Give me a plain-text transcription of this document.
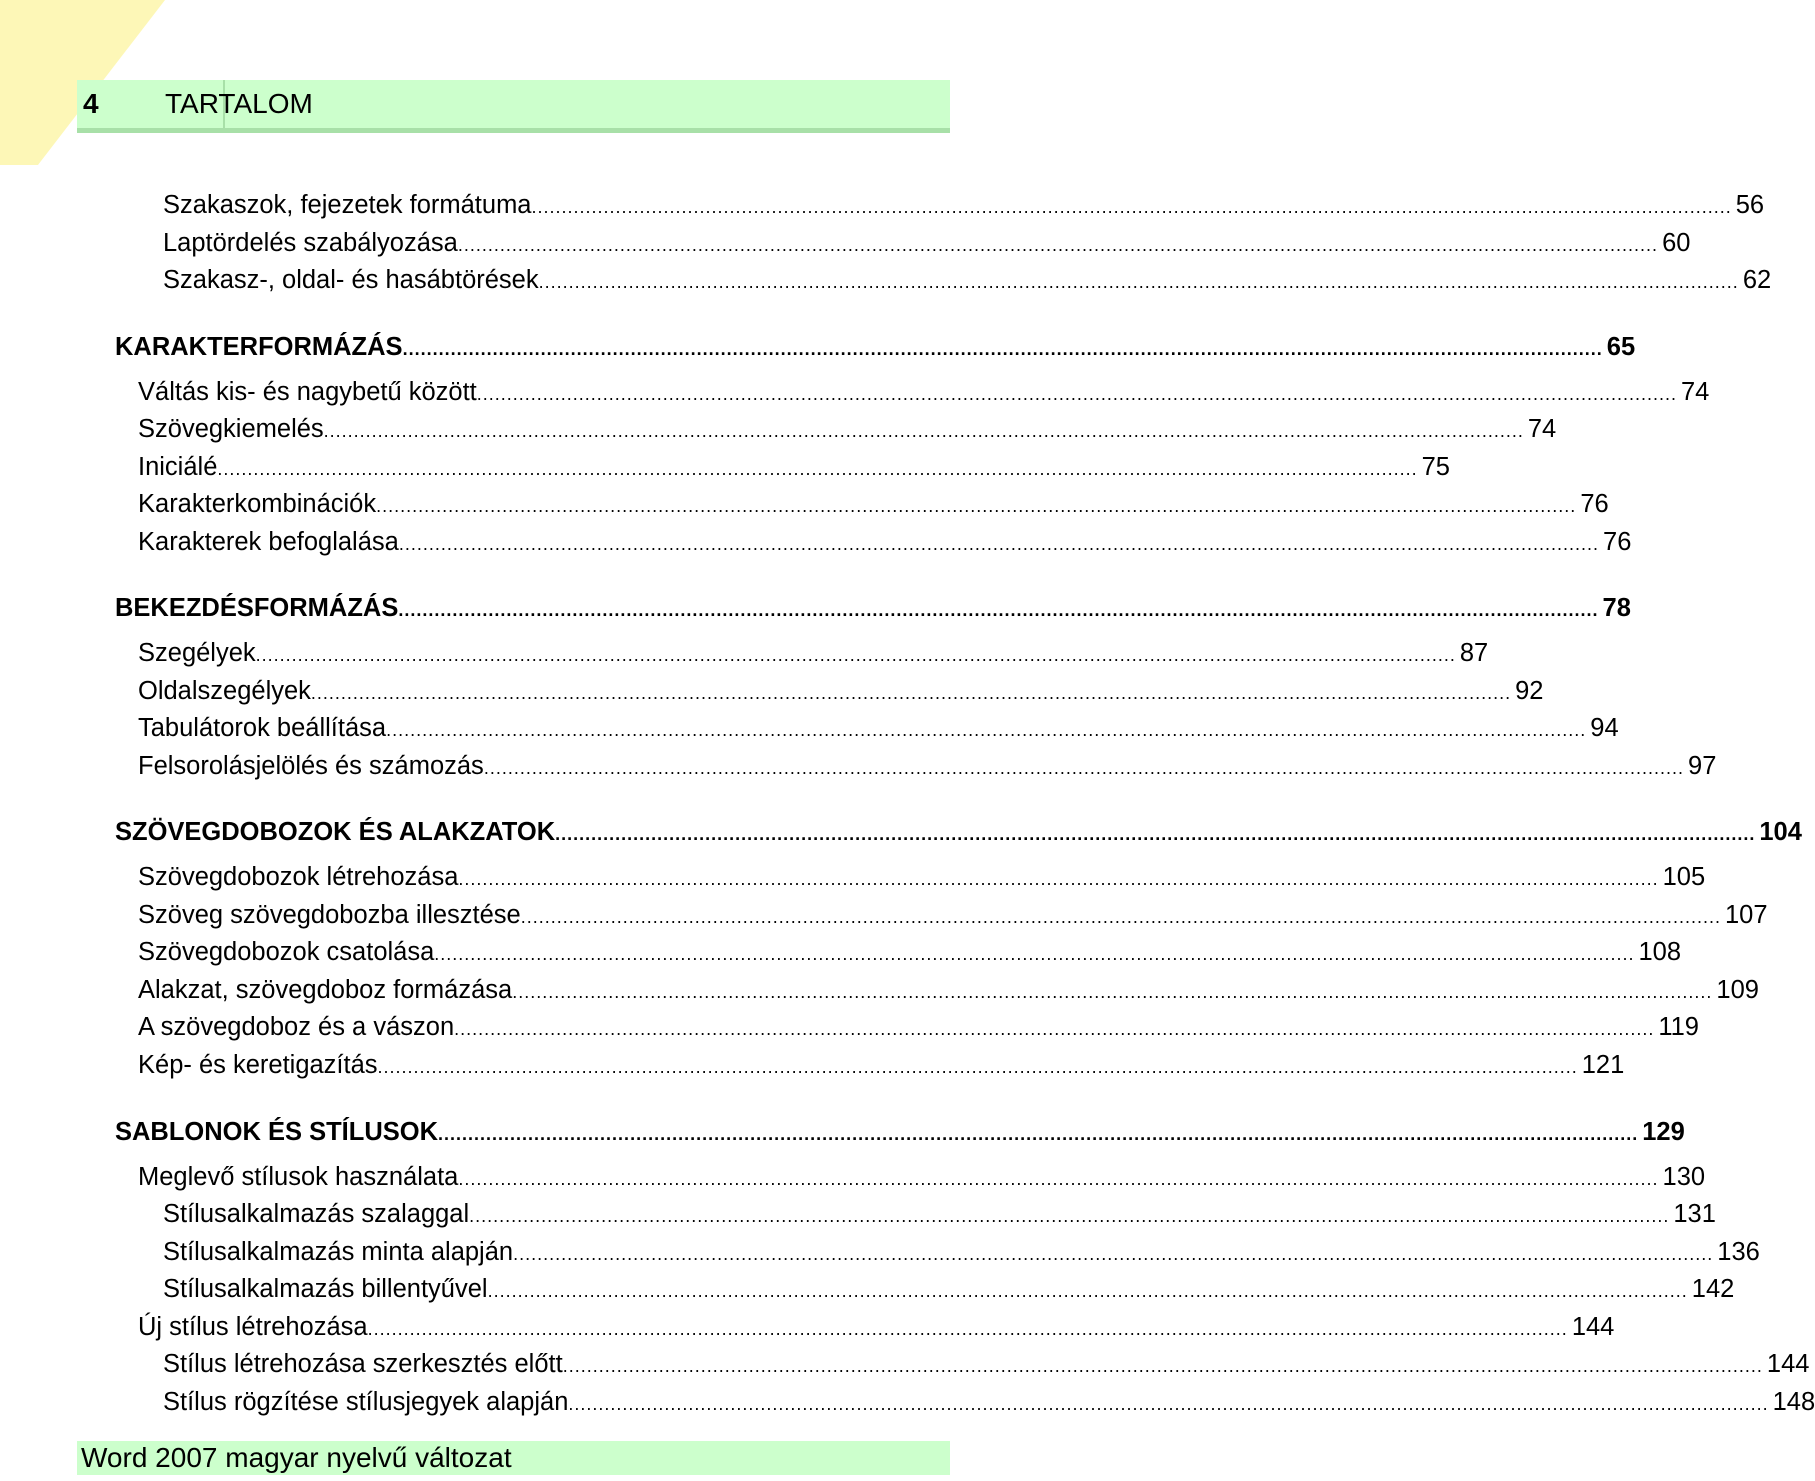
4 TARTALOM
Szakaszok, fejezetek formátuma ........................................................................................................................................................................................................ 56
Laptördelés szabályozása ........................................................................................................................................................................................................ 60
Szakasz-, oldal- és hasábtörések ........................................................................................................................................................................................................ 62
KARAKTERFORMÁZÁS ........................................................................................................................................................................................................ 65
Váltás kis- és nagybetű között ........................................................................................................................................................................................................ 74
Szövegkiemelés ........................................................................................................................................................................................................ 74
Iniciálé ........................................................................................................................................................................................................ 75
Karakterkombinációk ........................................................................................................................................................................................................ 76
Karakterek befoglalása ........................................................................................................................................................................................................ 76
BEKEZDÉSFORMÁZÁS ........................................................................................................................................................................................................ 78
Szegélyek ........................................................................................................................................................................................................ 87
Oldalszegélyek ........................................................................................................................................................................................................ 92
Tabulátorok beállítása ........................................................................................................................................................................................................ 94
Felsorolásjelölés és számozás ........................................................................................................................................................................................................ 97
SZÖVEGDOBOZOK ÉS ALAKZATOK ........................................................................................................................................................................................................ 104
Szövegdobozok létrehozása ........................................................................................................................................................................................................ 105
Szöveg szövegdobozba illesztése ........................................................................................................................................................................................................ 107
Szövegdobozok csatolása ........................................................................................................................................................................................................ 108
Alakzat, szövegdoboz formázása ........................................................................................................................................................................................................ 109
A szövegdoboz és a vászon ........................................................................................................................................................................................................ 119
Kép- és keretigazítás ........................................................................................................................................................................................................ 121
SABLONOK ÉS STÍLUSOK ........................................................................................................................................................................................................ 129
Meglevő stílusok használata ........................................................................................................................................................................................................ 130
Stílusalkalmazás szalaggal ........................................................................................................................................................................................................ 131
Stílusalkalmazás minta alapján ........................................................................................................................................................................................................ 136
Stílusalkalmazás billentyűvel ........................................................................................................................................................................................................ 142
Új stílus létrehozása ........................................................................................................................................................................................................ 144
Stílus létrehozása szerkesztés előtt ........................................................................................................................................................................................................ 144
Stílus rögzítése stílusjegyek alapján ........................................................................................................................................................................................................ 148
Word 2007 magyar nyelvű változat
